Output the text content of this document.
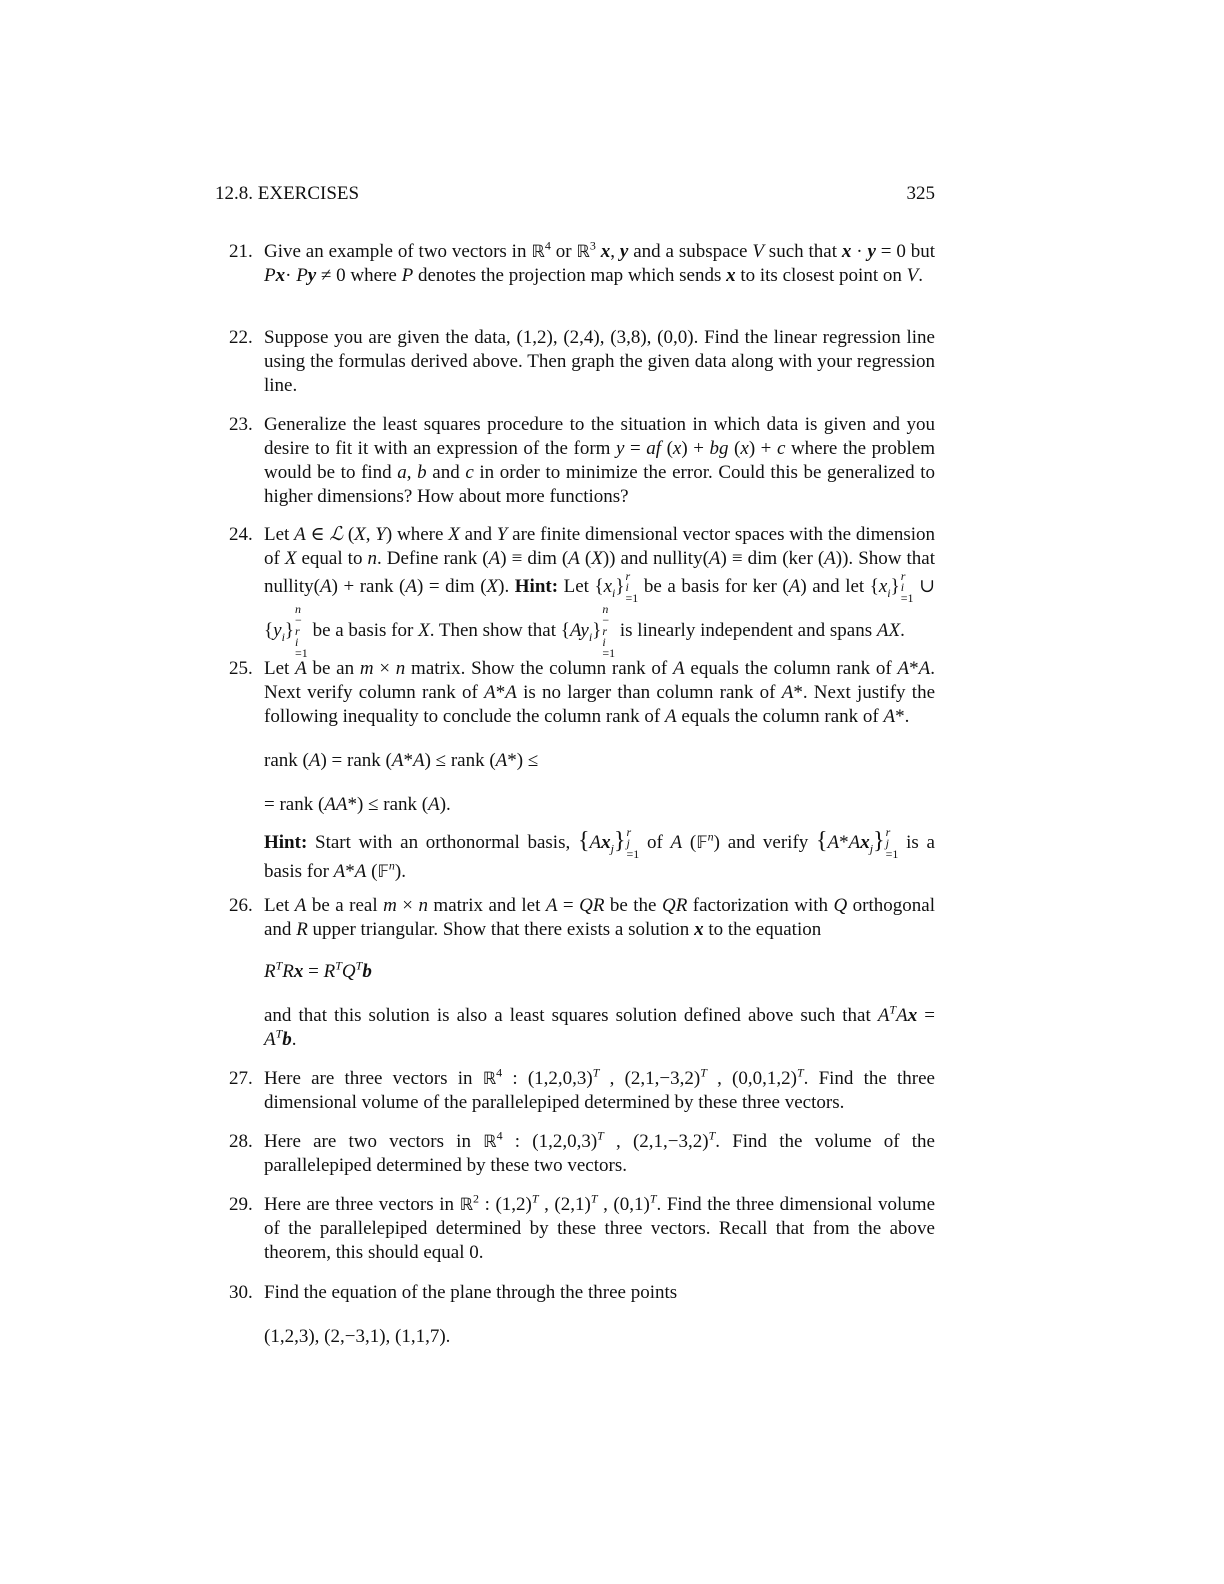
12.8. EXERCISES	325
21. Give an example of two vectors in ℝ$^4$ or ℝ$^3$ x, y and a subspace V such that x · y = 0 but Px· Py ≠ 0 where P denotes the projection map which sends x to its closest point on V.

22. Suppose you are given the data, (1,2), (2,4), (3,8), (0,0). Find the linear regression line using the formulas derived above. Then graph the given data along with your regression line.

23. Generalize the least squares procedure to the situation in which data is given and you desire to fit it with an expression of the form y = af (x) + bg (x) + c where the problem would be to find a, b and c in order to minimize the error. Could this be generalized to higher dimensions? How about more functions?

24. Let A ∈ ℒ (X, Y) where X and Y are finite dimensional vector spaces with the dimension of X equal to n. Define rank (A) ≡ dim (A (X)) and nullity(A) ≡ dim (ker (A)). Show that nullity(A) + rank (A) = dim (X). Hint: Let $\{x_i\}$ r
i
=1
be a basis for ker (A) and let $\{x_i\}$ r
i
=1
∪ $\{y_i\}$
n
−
r
i
=1
be a basis for X. Then show that $\{Ay_i\}$
n
−
r
i
=1
is linearly independent and spans AX.

25. Let A be an m × n matrix. Show the column rank of A equals the column rank of A*A. Next verify column rank of A*A is no larger than column rank of A*. Next justify the following inequality to conclude the column rank of A equals the column rank of A*.

rank (A) = rank (A*A) ≤ rank (A*) ≤

= rank (AA*) ≤ rank (A).

Hint: Start with an orthonormal basis, $\{Ax_j\}$ r
j
=1
of A (𝔽$^n$) and verify $\{A*Ax_j\}$ r
j
=1
is a basis for A*A (𝔽$^n$).

26. Let A be a real m × n matrix and let A = QR be the QR factorization with Q orthogonal and R upper triangular. Show that there exists a solution x to the equation

$R^TRx = R^TQ^Tb$

and that this solution is also a least squares solution defined above such that $A^TAx = A^Tb$.

27. Here are three vectors in ℝ$^4$ : $(1,2,0,3)^T$ , $(2,1,-3,2)^T$ , $(0,0,1,2)^T$. Find the three dimensional volume of the parallelepiped determined by these three vectors.

28. Here are two vectors in ℝ$^4$ : $(1,2,0,3)^T$ , $(2,1,-3,2)^T$. Find the volume of the parallelepiped determined by these two vectors.

29. Here are three vectors in ℝ$^2$ : $(1,2)^T$ , $(2,1)^T$ , $(0,1)^T$. Find the three dimensional volume of the parallelepiped determined by these three vectors. Recall that from the above theorem, this should equal 0.

30. Find the equation of the plane through the three points

(1,2,3), (2,−3,1), (1,1,7).
